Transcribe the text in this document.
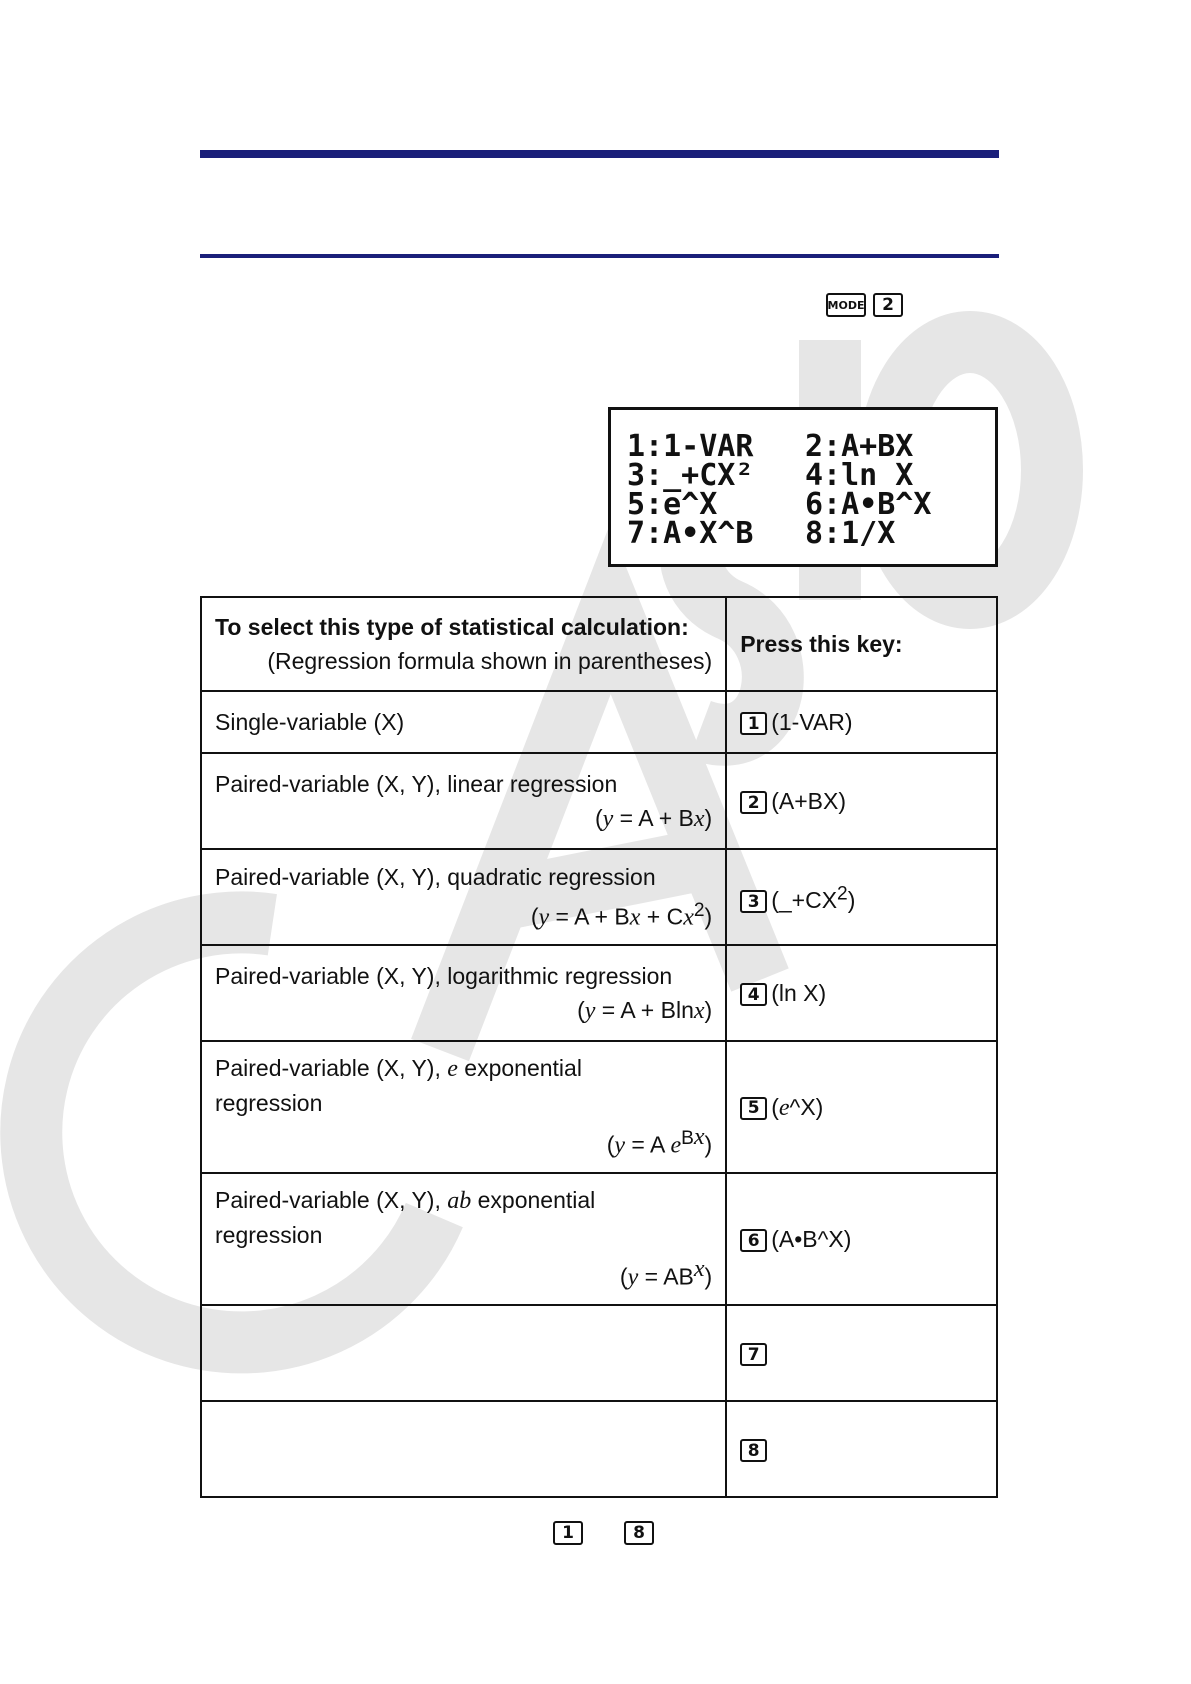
MODE	2
1:1-VAR	2:A+BX
3:_+CX²	4:ln X
5:e^X	6:A•B^X
7:A•X^B	8:1/X
To select this type of statistical calculation:
(Regression formula shown in parentheses)	Press this key:
Single-variable (X)	1 (1-VAR)

Paired-variable (X, Y), linear regression
(y = A + Bx)	2 (A+BX)

Paired-variable (X, Y), quadratic regression
$(y = A + Bx + Cx^2)$	3 $(\_+CX^2)$

Paired-variable (X, Y), logarithmic regression
(y = A + Blnx)	4 (ln X)

Paired-variable (X, Y), e exponential
regression
(y = A $e^{Bx}$)	5 (e^X)

Paired-variable (X, Y), ab exponential
regression
$(y = AB^x)$	6 (A•B^X)
	7
	8
1	8
